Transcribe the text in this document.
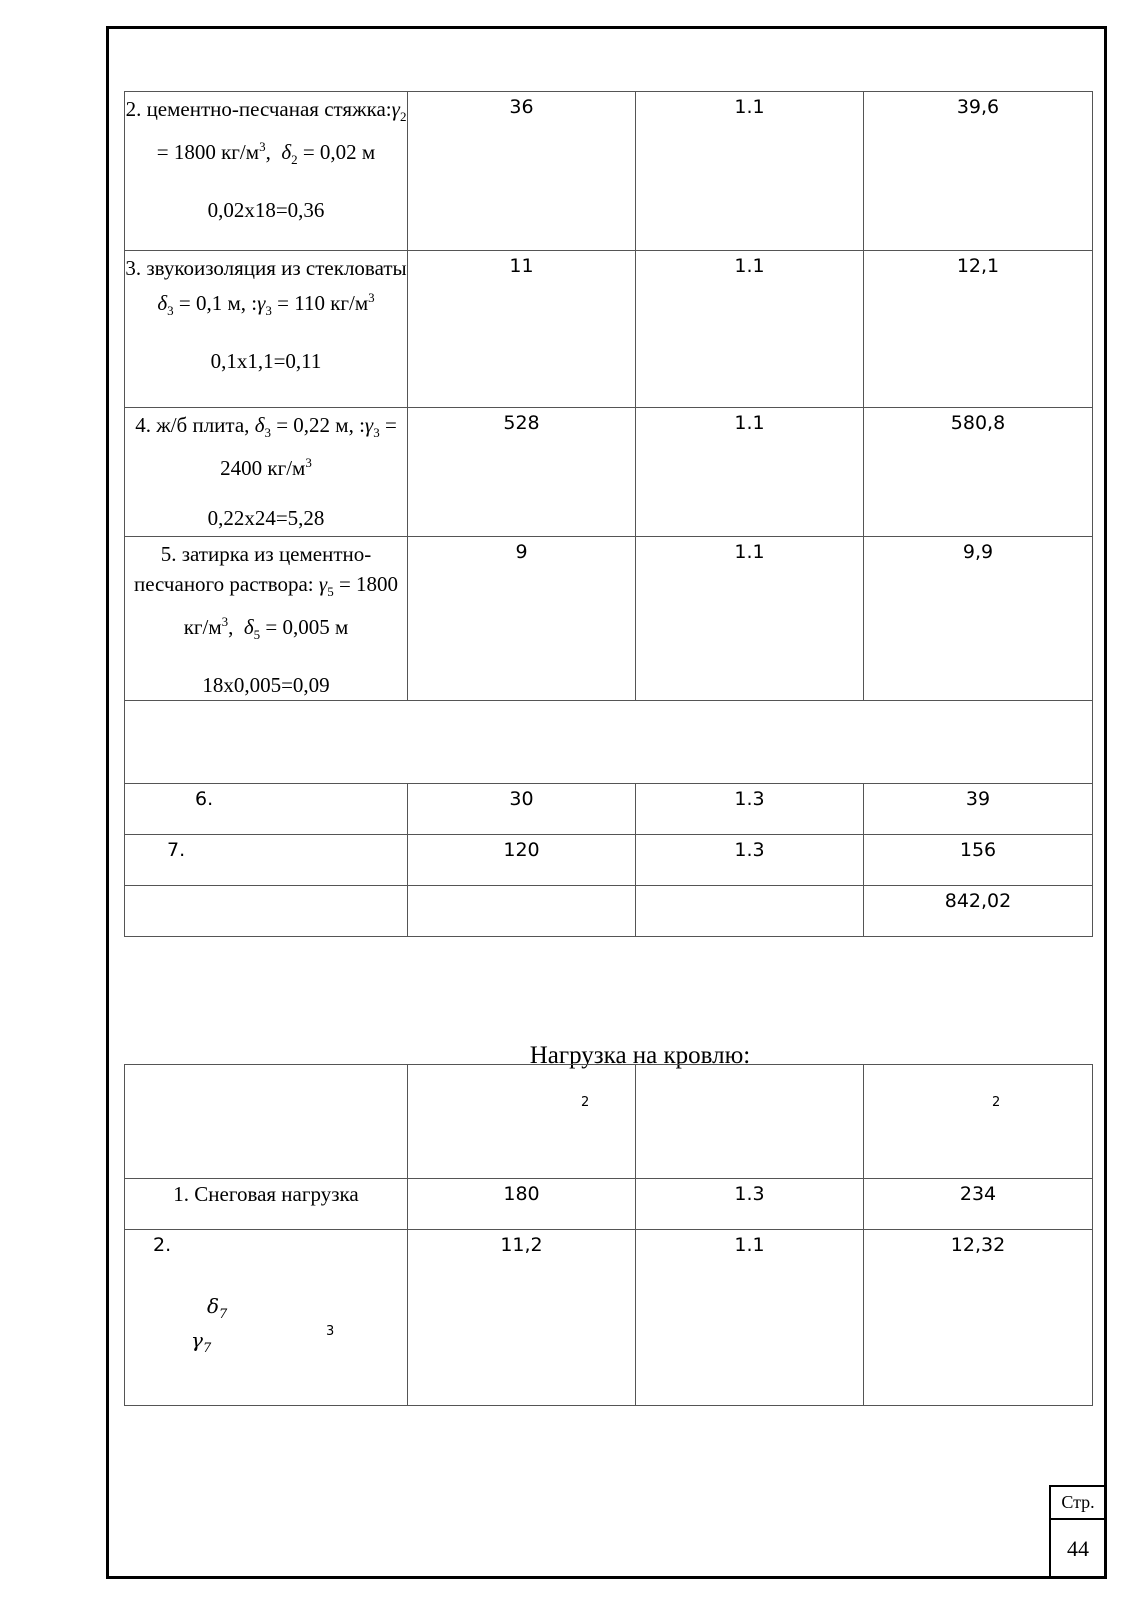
2. цементно-песчаная $стяжка:\gamma_2 = 1800$ $кг/м^3$,  $\delta_2 = 0,02$ м
0,02х18=0,36	36	1.1	39,6

3. звукоизоляция из стекловаты $\delta_3 = 0,1$ м, $:\gamma_3 = 110$ $кг/м^3$
0,1х1,1=0,11	11	1.1	12,1

4. ж/б плита, $\delta_3 = 0,22$ м, $:\gamma_3 = 2400$ $кг/м^3$
0,22х24=5,28	528	1.1	580,8

5. затирка из цементно-песчаного раствора: $\gamma_5 = 1800$ $кг/м^3$,  $\delta_5 = 0,005$ м
18х0,005=0,09	9	1.1	9,9

6.	30	1.3	39

7.	120	1.3	156

			842,02
Нагрузка на кровлю:

	2		2

1. Снеговая нагрузка	180	1.3	234

2.
$\delta_7$
$\gamma_7$
3	11,2	1.1	12,32
Стр.
44
